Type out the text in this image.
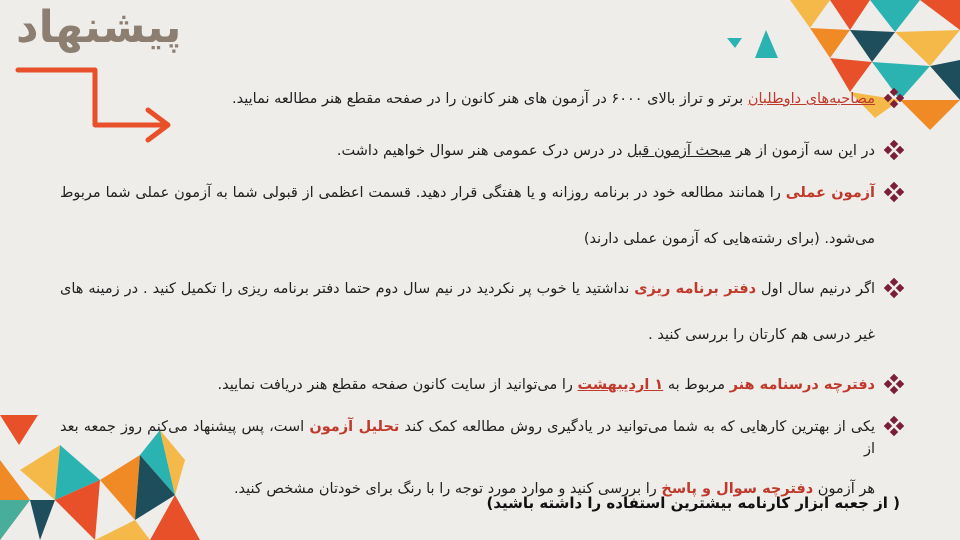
پیشنهاد
مصاحبه‌های داوطلبان برتر و تراز بالای ۶۰۰۰ در آزمون های هنر کانون را در صفحه مقطع هنر مطالعه نمایید.
در این سه آزمون از هر مبحث آزمون قبل در درس درک عمومی هنر سوال خواهیم داشت.
آزمون عملی را همانند مطالعه خود در برنامه روزانه و یا هفتگی قرار دهید. قسمت اعظمی از قبولی شما به آزمون عملی شما مربوط
می‌شود. (برای رشته‌هایی که آزمون عملی دارند)
اگر درنیم سال اول دفتر برنامه ریزی نداشتید یا خوب پر نکردید در نیم سال دوم حتما دفتر برنامه ریزی را تکمیل کنید . در زمینه های
غیر درسی هم کارتان را بررسی کنید .
دفترچه درسنامه هنر مربوط به ۱ اردیبهشت را می‌توانید از سایت کانون صفحه مقطع هنر دریافت نمایید.
یکی از بهترین کارهایی که به شما می‌توانید در یادگیری روش مطالعه کمک کند تحلیل آزمون است، پس پیشنهاد می‌کنم روز جمعه بعد از
هر آزمون دفترچه سوال و پاسخ را بررسی کنید و موارد مورد توجه را با رنگ برای خودتان مشخص کنید.
( از جعبه ابزار کارنامه بیشترین استفاده را داشته باشید)
